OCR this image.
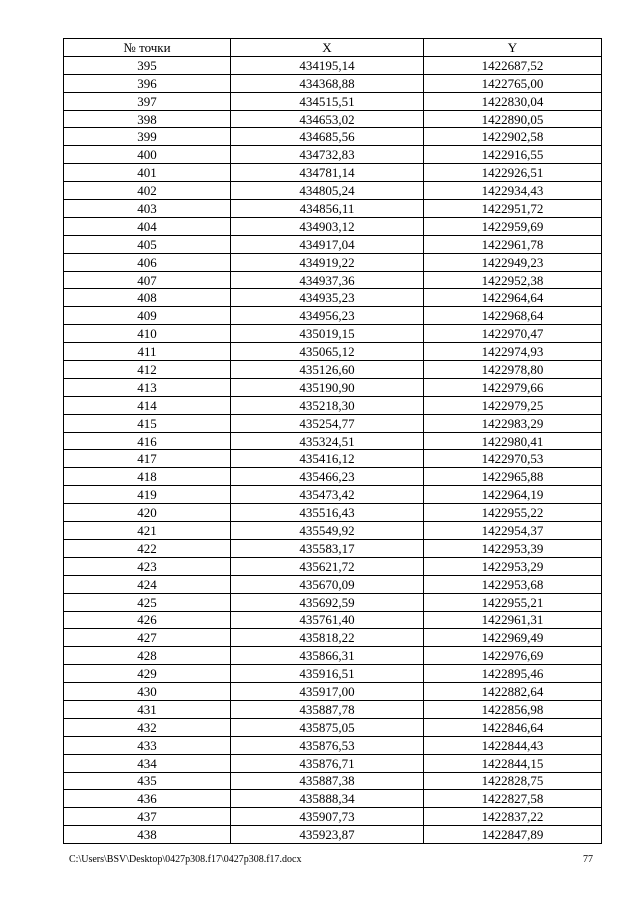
№ точки	X	Y
395	434195,14	1422687,52
396	434368,88	1422765,00
397	434515,51	1422830,04
398	434653,02	1422890,05
399	434685,56	1422902,58
400	434732,83	1422916,55
401	434781,14	1422926,51
402	434805,24	1422934,43
403	434856,11	1422951,72
404	434903,12	1422959,69
405	434917,04	1422961,78
406	434919,22	1422949,23
407	434937,36	1422952,38
408	434935,23	1422964,64
409	434956,23	1422968,64
410	435019,15	1422970,47
411	435065,12	1422974,93
412	435126,60	1422978,80
413	435190,90	1422979,66
414	435218,30	1422979,25
415	435254,77	1422983,29
416	435324,51	1422980,41
417	435416,12	1422970,53
418	435466,23	1422965,88
419	435473,42	1422964,19
420	435516,43	1422955,22
421	435549,92	1422954,37
422	435583,17	1422953,39
423	435621,72	1422953,29
424	435670,09	1422953,68
425	435692,59	1422955,21
426	435761,40	1422961,31
427	435818,22	1422969,49
428	435866,31	1422976,69
429	435916,51	1422895,46
430	435917,00	1422882,64
431	435887,78	1422856,98
432	435875,05	1422846,64
433	435876,53	1422844,43
434	435876,71	1422844,15
435	435887,38	1422828,75
436	435888,34	1422827,58
437	435907,73	1422837,22
438	435923,87	1422847,89
C:\Users\BSV\Desktop\0427p308.f17\0427p308.f17.docx	77
